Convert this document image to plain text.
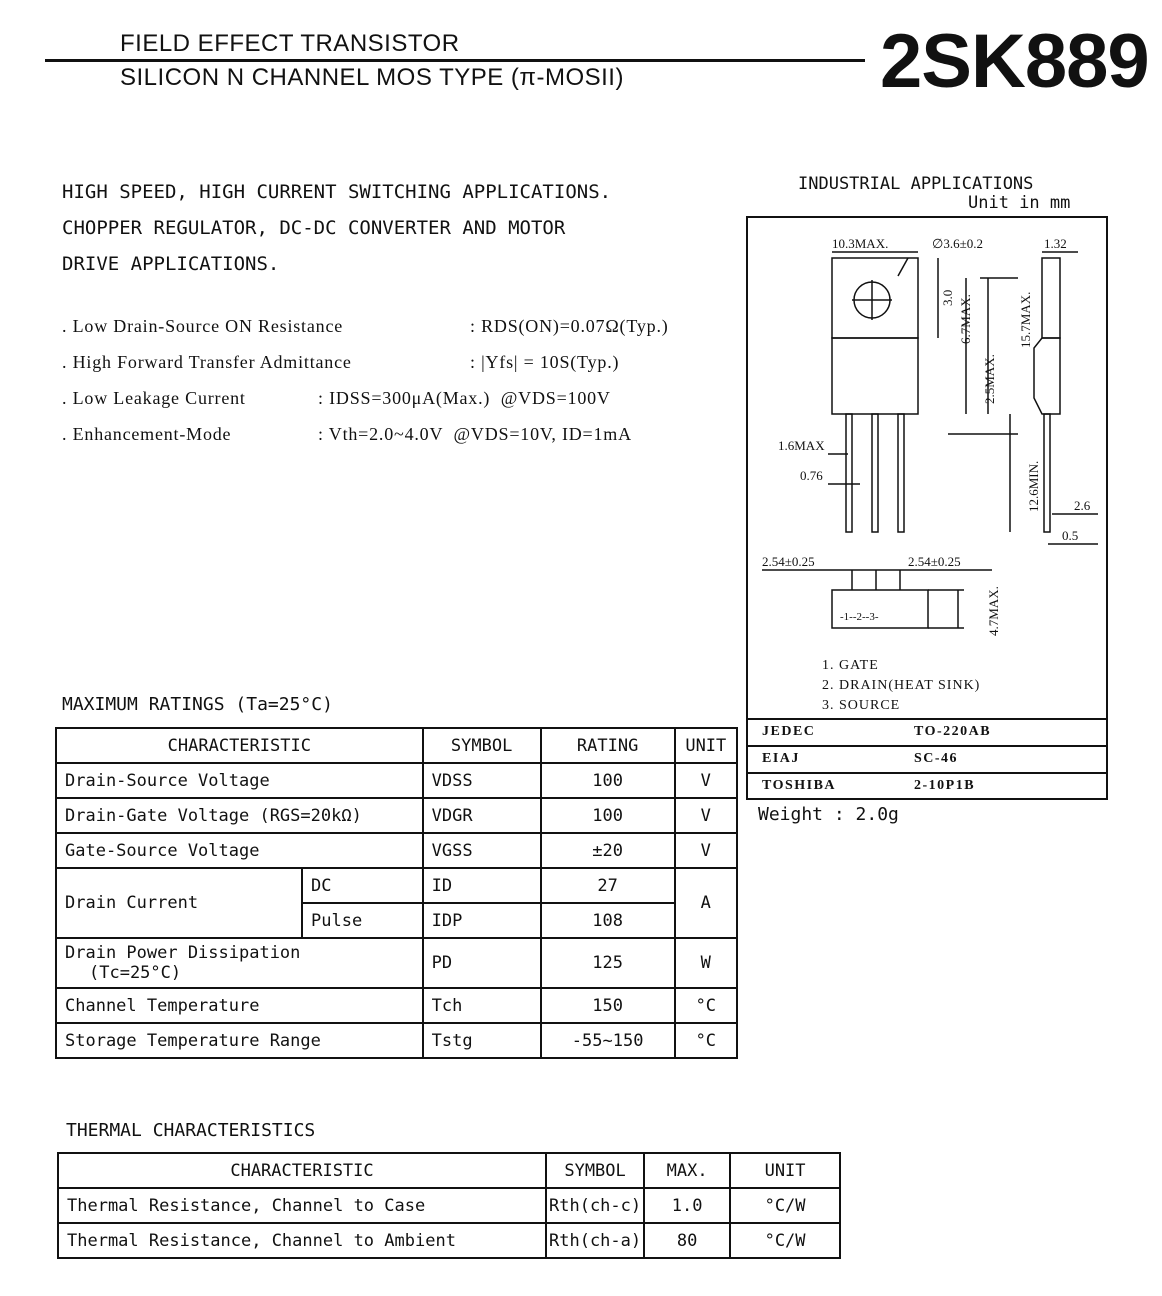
FIELD EFFECT TRANSISTOR
SILICON N CHANNEL MOS TYPE (π-MOSII)	2SK889
HIGH SPEED, HIGH CURRENT SWITCHING APPLICATIONS.
CHOPPER REGULATOR, DC-DC CONVERTER AND MOTOR
DRIVE APPLICATIONS.
. Low Drain-Source ON Resistance	: RDS(ON)=0.07Ω(Typ.)
. High Forward Transfer Admittance	: |Yfs| = 10S(Typ.)
. Low Leakage Current	: IDSS=300μA(Max.)  @VDS=100V
. Enhancement-Mode	: Vth=2.0~4.0V  @VDS=10V, ID=1mA
INDUSTRIAL APPLICATIONS
Unit in mm
10.3MAX.	∅3.6±0.2	1.32
3.0 6.7MAX.	15.7MAX.
2.5MAX.
1.6MAX
0.76	12.6MIN.	2.6
0.5
2.54±0.25	2.54±0.25
4.7MAX.
-1--2--3-
1. GATE
2. DRAIN(HEAT SINK)
3. SOURCE
JEDEC	TO-220AB
EIAJ	SC-46
TOSHIBA	2-10P1B
Weight : 2.0g
MAXIMUM RATINGS (Ta=25°C)
CHARACTERISTIC		SYMBOL	RATING	UNIT
Drain-Source Voltage		VDSS	100	V
Drain-Gate Voltage (RGS=20kΩ)		VDGR	100	V
Gate-Source Voltage		VGSS	±20	V
Drain Current	DC	ID	27	A
	Pulse	IDP	108	

Drain Power Dissipation
(Tc=25°C)		PD	125	W
Channel Temperature		Tch	150	°C
Storage Temperature Range		Tstg	-55~150	°C
THERMAL CHARACTERISTICS
CHARACTERISTIC	SYMBOL	MAX.	UNIT
Thermal Resistance, Channel to Case	Rth(ch-c)	1.0	°C/W
Thermal Resistance, Channel to Ambient	Rth(ch-a)	80	°C/W
